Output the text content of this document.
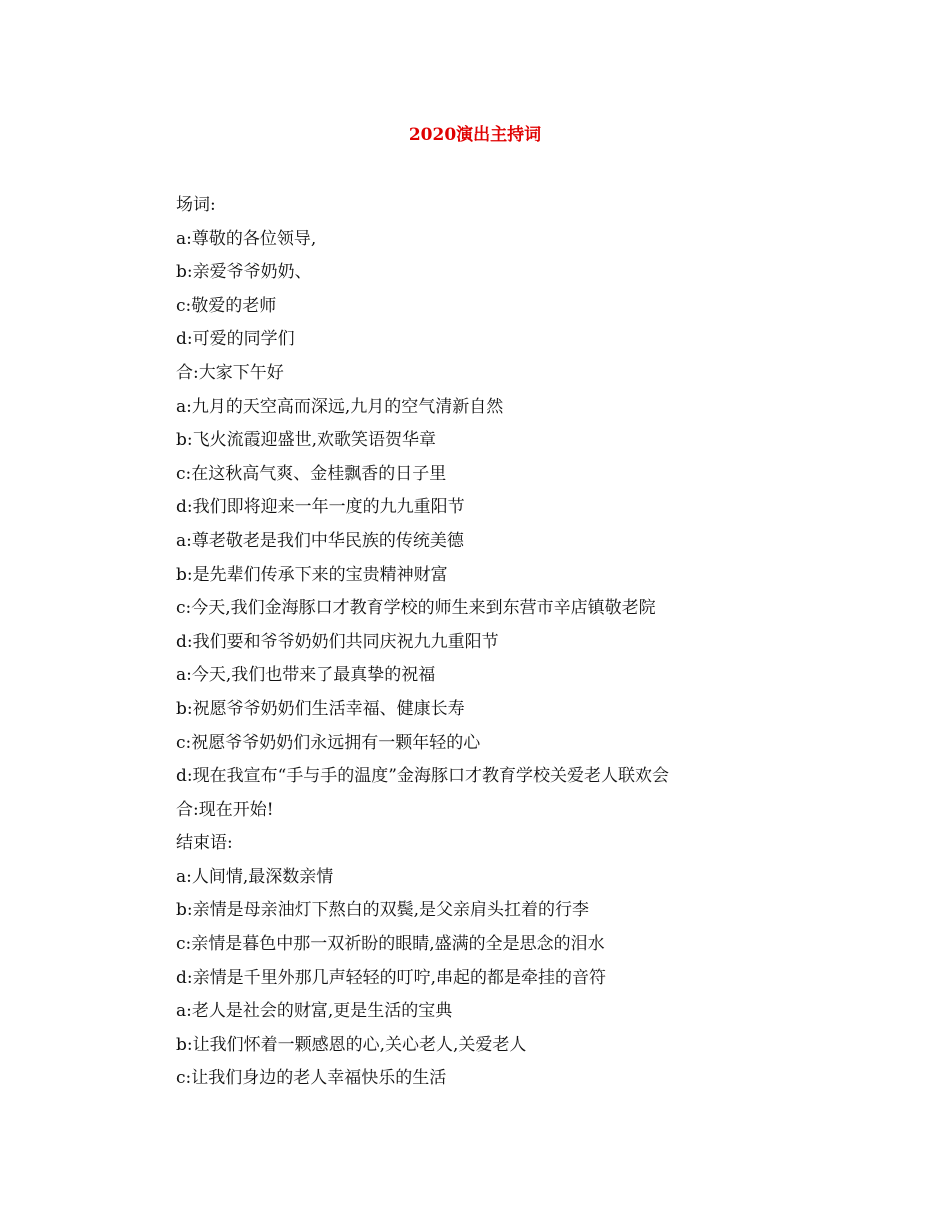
2020演出主持词
场词:
a:尊敬的各位领导,
b:亲爱爷爷奶奶、
c:敬爱的老师
d:可爱的同学们
合:大家下午好
a:九月的天空高而深远,九月的空气清新自然
b:飞火流霞迎盛世,欢歌笑语贺华章
c:在这秋高气爽、金桂飘香的日子里
d:我们即将迎来一年一度的九九重阳节
a:尊老敬老是我们中华民族的传统美德
b:是先辈们传承下来的宝贵精神财富
c:今天,我们金海豚口才教育学校的师生来到东营市辛店镇敬老院
d:我们要和爷爷奶奶们共同庆祝九九重阳节
a:今天,我们也带来了最真挚的祝福
b:祝愿爷爷奶奶们生活幸福、健康长寿
c:祝愿爷爷奶奶们永远拥有一颗年轻的心
d:现在我宣布“手与手的温度”金海豚口才教育学校关爱老人联欢会
合:现在开始!
结束语:
a:人间情,最深数亲情
b:亲情是母亲油灯下熬白的双鬓,是父亲肩头扛着的行李
c:亲情是暮色中那一双祈盼的眼睛,盛满的全是思念的泪水
d:亲情是千里外那几声轻轻的叮咛,串起的都是牵挂的音符
a:老人是社会的财富,更是生活的宝典
b:让我们怀着一颗感恩的心,关心老人,关爱老人
c:让我们身边的老人幸福快乐的生活
